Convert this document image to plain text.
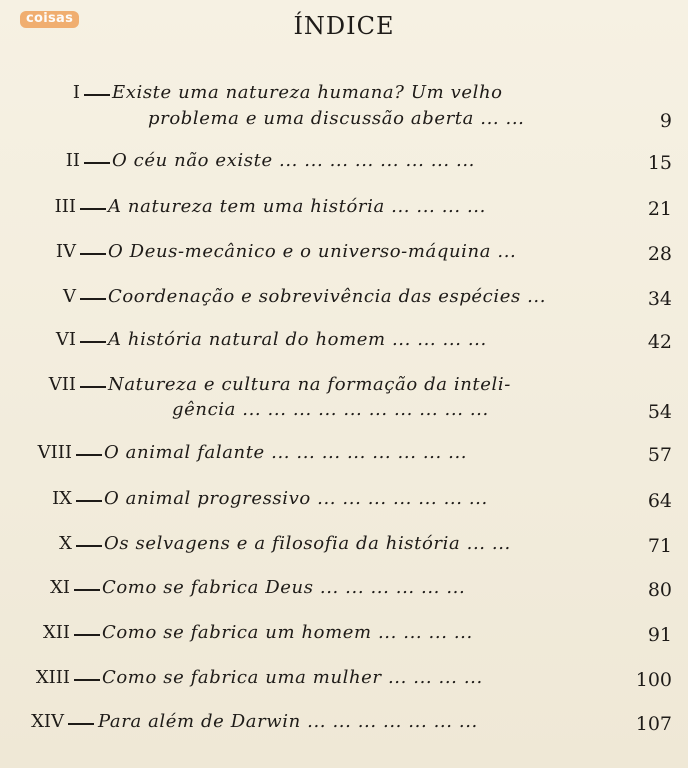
coisas	ÍNDICE
I Existe uma natureza humana? Um velho
problema e uma discussão aberta ... ...	9
II O céu não existe ... ... ... ... ... ... ... ...	15
III A natureza tem uma história ... ... ... ...	21
IV O Deus-mecânico e o universo-máquina ...	28
V Coordenação e sobrevivência das espécies ...	34
VI A história natural do homem ... ... ... ...	42
VII Natureza e cultura na formação da inteli-
gência ... ... ... ... ... ... ... ... ... ...	54
VIII O animal falante ... ... ... ... ... ... ... ...	57
IX O animal progressivo ... ... ... ... ... ... ...	64
X Os selvagens e a filosofia da história ... ...	71
XI Como se fabrica Deus ... ... ... ... ... ...	80
XII Como se fabrica um homem ... ... ... ...	91
XIII Como se fabrica uma mulher ... ... ... ...	100
XIV Para além de Darwin ... ... ... ... ... ... ...	107
